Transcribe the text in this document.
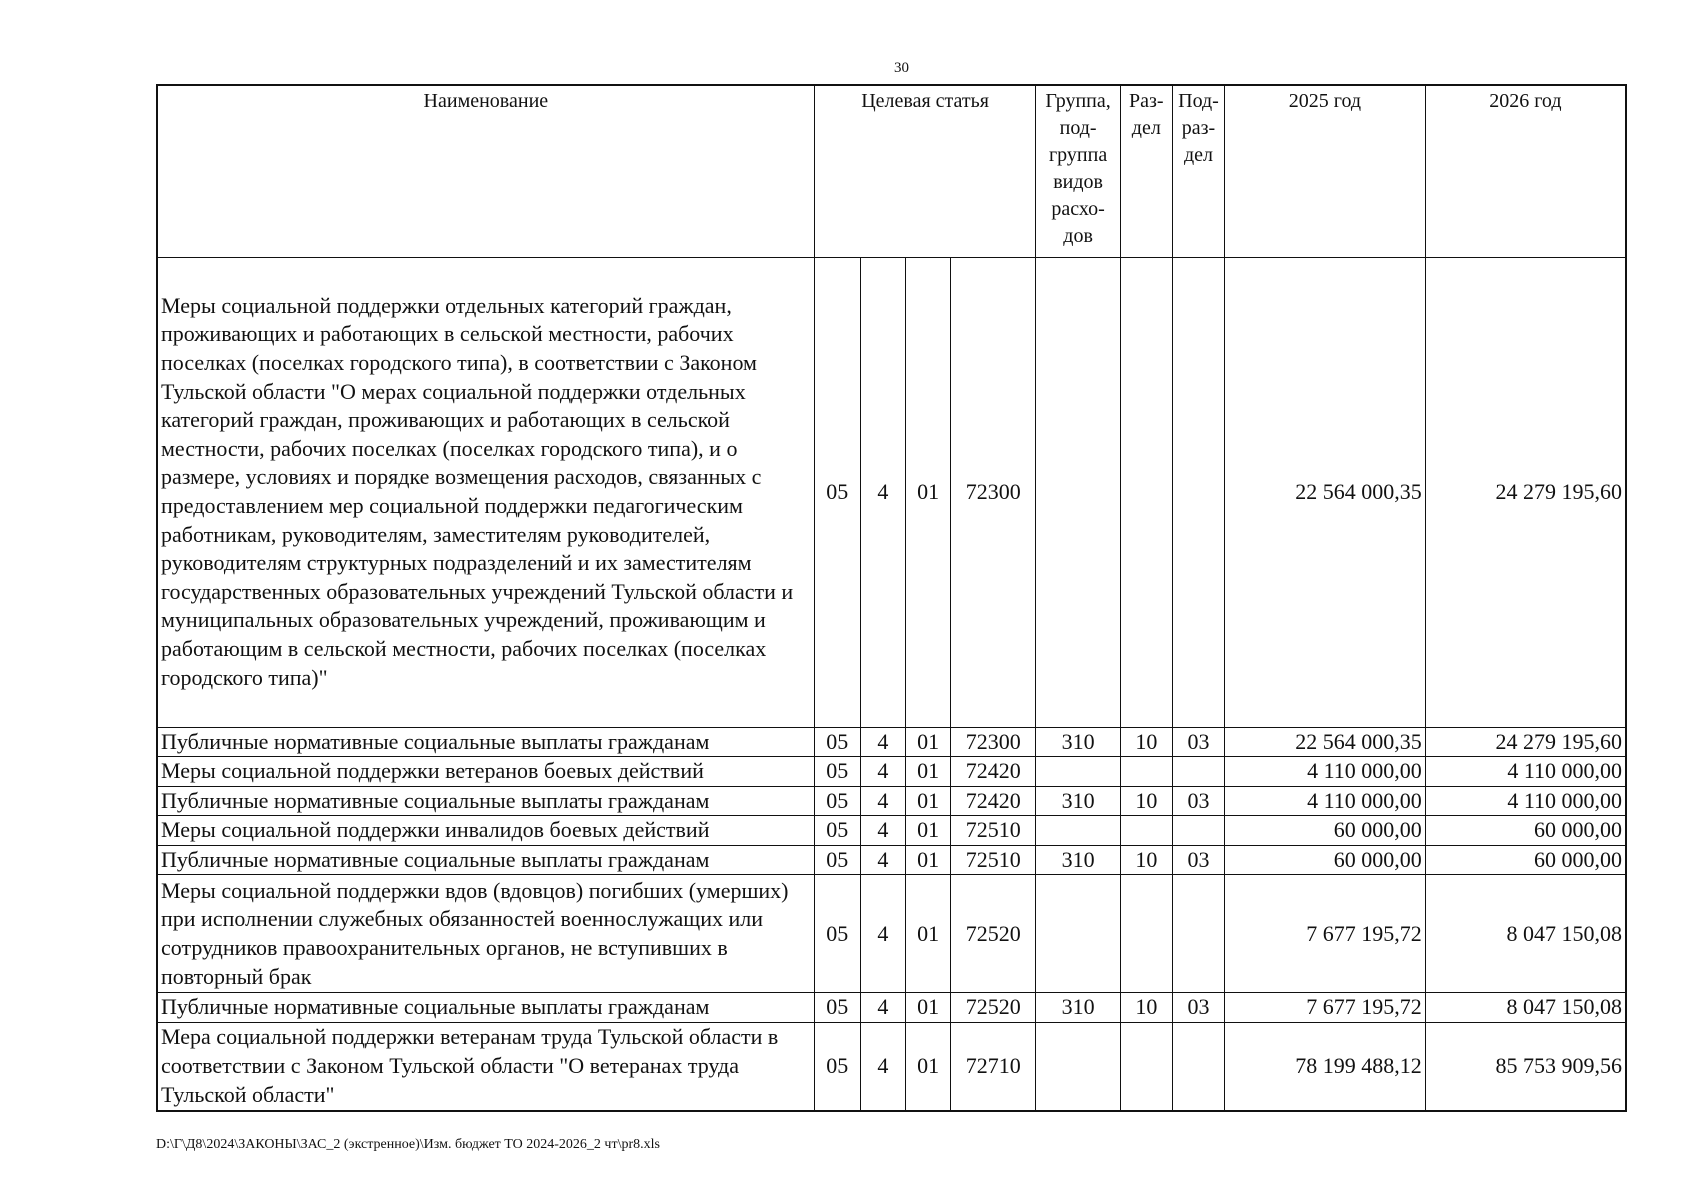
30
Наименование	Целевая статья				Группа, под- группа видов расхо- дов	Раз- дел	Под- раз- дел	2025 год	2026 год
Меры социальной поддержки отдельных категорий граждан, проживающих и работающих в сельской местности, рабочих поселках (поселках городского типа), в соответствии с Законом Тульской области "О мерах социальной поддержки отдельных категорий граждан, проживающих и работающих в сельской местности, рабочих поселках (поселках городского типа), и о размере, условиях и порядке возмещения расходов, связанных с предоставлением мер социальной поддержки педагогическим работникам, руководителям, заместителям руководителей, руководителям структурных подразделений и их заместителям государственных образовательных учреждений Тульской области и муниципальных образовательных учреждений, проживающим и работающим в сельской местности, рабочих поселках (поселках городского типа)"	05	4	01	72300				22 564 000,35	24 279 195,60
Публичные нормативные социальные выплаты гражданам	05	4	01	72300	310	10	03	22 564 000,35	24 279 195,60
Меры социальной поддержки ветеранов боевых действий	05	4	01	72420				4 110 000,00	4 110 000,00
Публичные нормативные социальные выплаты гражданам	05	4	01	72420	310	10	03	4 110 000,00	4 110 000,00
Меры социальной поддержки инвалидов боевых действий	05	4	01	72510				60 000,00	60 000,00
Публичные нормативные социальные выплаты гражданам	05	4	01	72510	310	10	03	60 000,00	60 000,00
Меры социальной поддержки вдов (вдовцов) погибших (умерших) при исполнении служебных обязанностей военнослужащих или сотрудников правоохранительных органов, не вступивших в повторный брак	05	4	01	72520				7 677 195,72	8 047 150,08
Публичные нормативные социальные выплаты гражданам	05	4	01	72520	310	10	03	7 677 195,72	8 047 150,08
Мера социальной поддержки ветеранам труда Тульской области в соответствии с Законом Тульской области "О ветеранах труда Тульской области"	05	4	01	72710				78 199 488,12	85 753 909,56
D:\Г\Д8\2024\ЗАКОНЫ\ЗАС_2 (экстренное)\Изм. бюджет ТО 2024-2026_2 чт\pr8.xls
